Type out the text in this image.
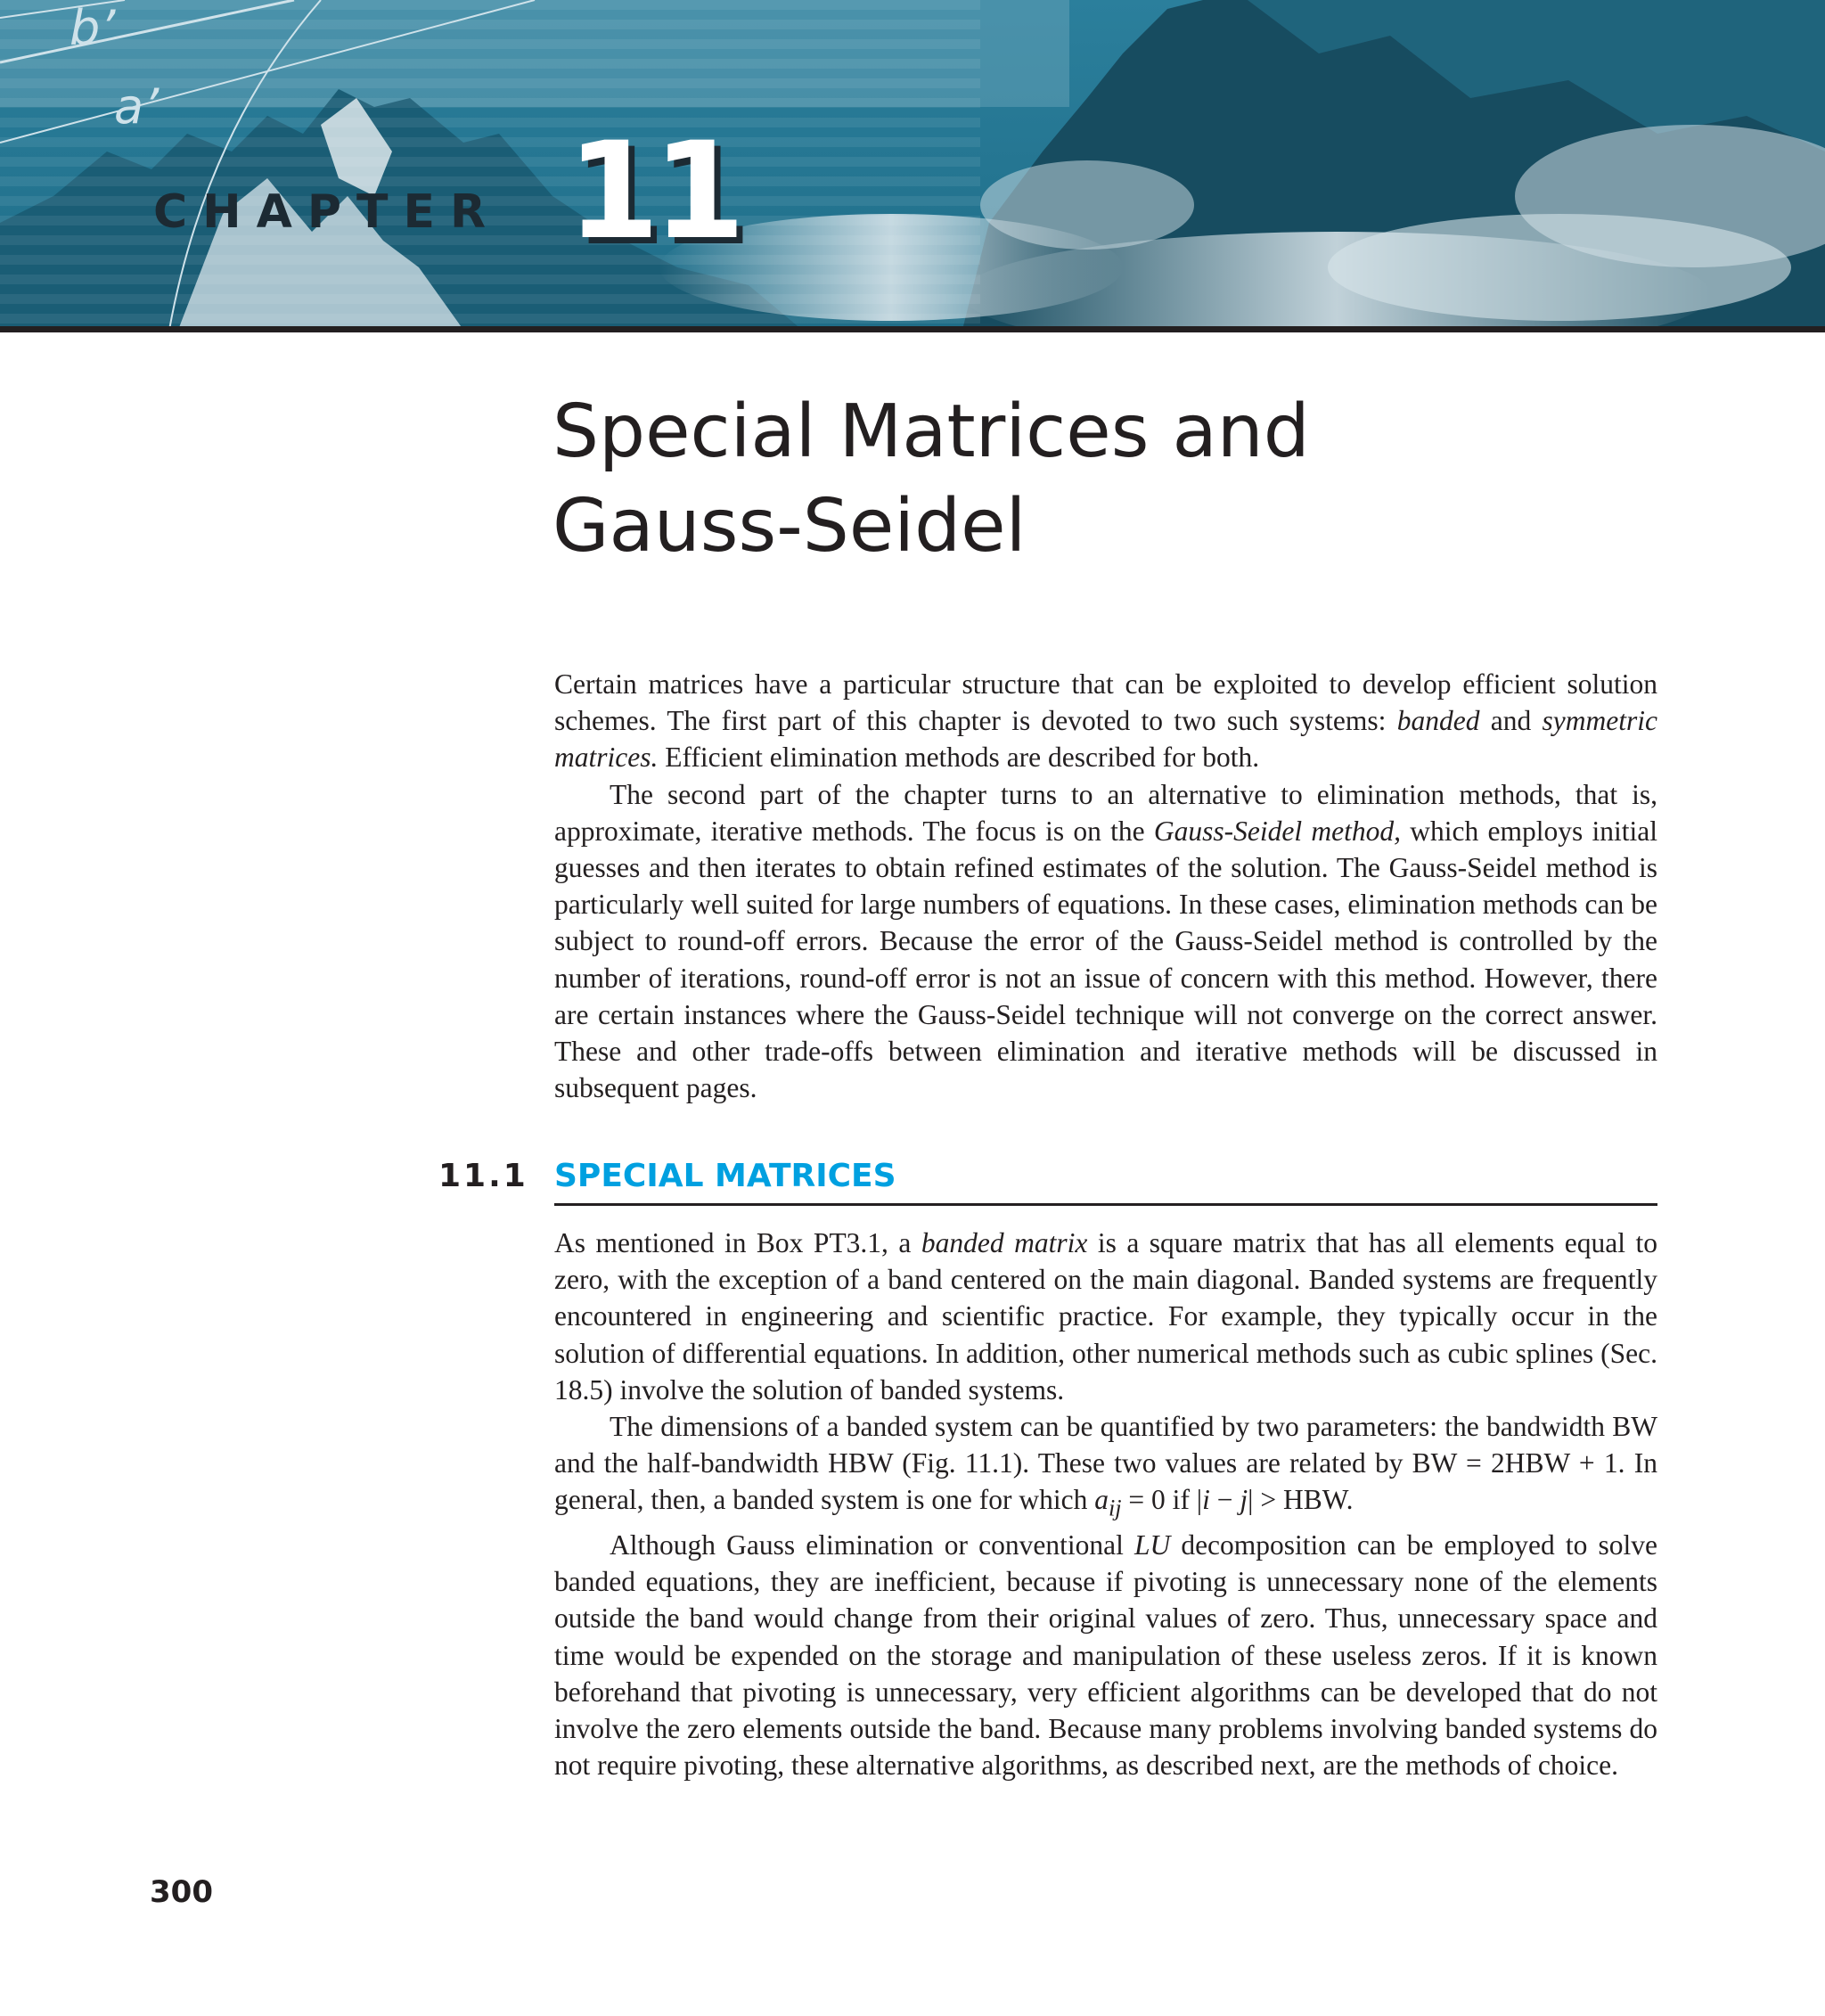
b’
a’
CHAPTER 11
Special Matrices and
Gauss-Seidel

Certain matrices have a particular structure that can be exploited to develop efficient solution schemes. The first part of this chapter is devoted to two such systems: banded and symmetric matrices. Efficient elimination methods are described for both.

The second part of the chapter turns to an alternative to elimination methods, that is, approximate, iterative methods. The focus is on the Gauss-Seidel method, which employs initial guesses and then iterates to obtain refined estimates of the solution. The Gauss-Seidel method is particularly well suited for large numbers of equations. In these cases, elimination methods can be subject to round-off errors. Because the error of the Gauss-Seidel method is controlled by the number of iterations, round-off error is not an issue of concern with this method. However, there are certain instances where the Gauss-Seidel technique will not converge on the correct answer. These and other trade-offs between elimination and iterative methods will be discussed in subsequent pages.

11.1 SPECIAL MATRICES

As mentioned in Box PT3.1, a banded matrix is a square matrix that has all elements equal to zero, with the exception of a band centered on the main diagonal. Banded systems are frequently encountered in engineering and scientific practice. For example, they typically occur in the solution of differential equations. In addition, other numerical methods such as cubic splines (Sec. 18.5) involve the solution of banded systems.

The dimensions of a banded system can be quantified by two parameters: the bandwidth BW and the half-bandwidth HBW (Fig. 11.1). These two values are related by BW = 2HBW + 1. In general, then, a banded system is one for which $a_{ij} = 0$ if |i − j| > HBW.

Although Gauss elimination or conventional LU decomposition can be employed to solve banded equations, they are inefficient, because if pivoting is unnecessary none of the elements outside the band would change from their original values of zero. Thus, unnecessary space and time would be expended on the storage and manipulation of these useless zeros. If it is known beforehand that pivoting is unnecessary, very efficient algorithms can be developed that do not involve the zero elements outside the band. Because many problems involving banded systems do not require pivoting, these alternative algorithms, as described next, are the methods of choice.

300
